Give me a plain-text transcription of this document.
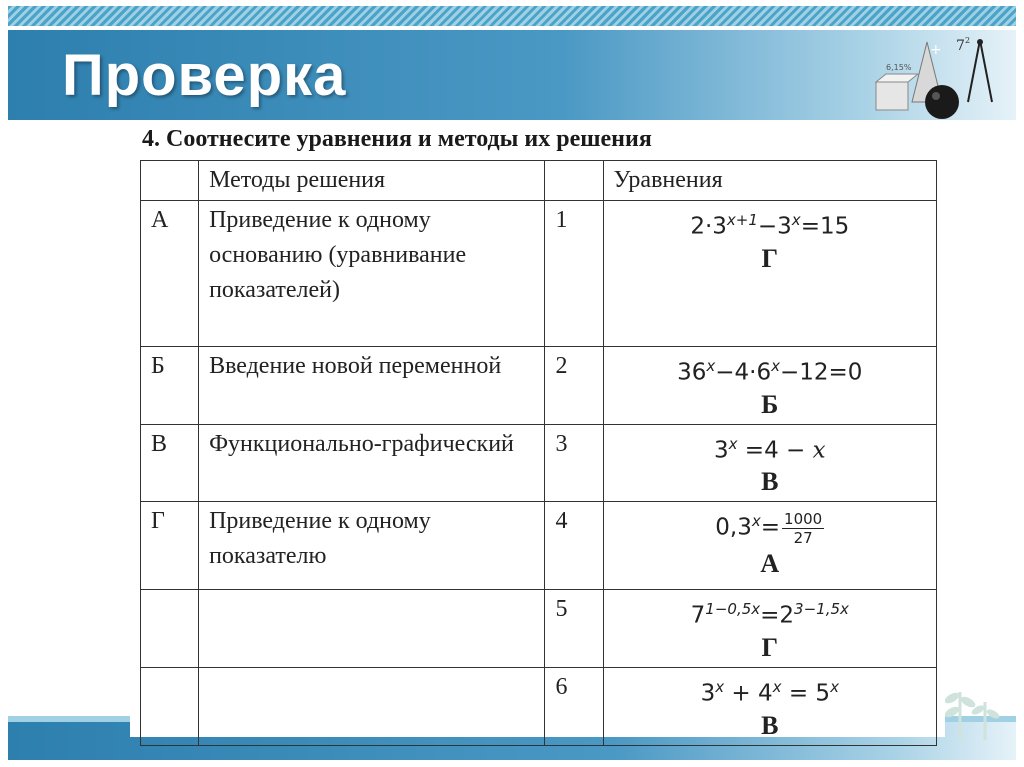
Проверка	7 2
6,15%
+
4. Соотнесите уравнения и методы их решения
	Методы решения		Уравнения
А	Приведение к одному основанию (уравнивание показателей)	1	$2\cdot 3^{x+1}-3^x=15$
Г

Б	Введение новой переменной	2	$36^x-4\cdot 6^x-12=0$
Б

В	Функционально-графический	3	$3^x =4 - x$
В

Г	Приведение к одному показателю	4	$0,3^x= \frac{1000}{27}$
А

		5	$7^{1-0,5x}=2^{3-1,5x}$
Г

		6	$3^x + 4^x = 5^x$
В
